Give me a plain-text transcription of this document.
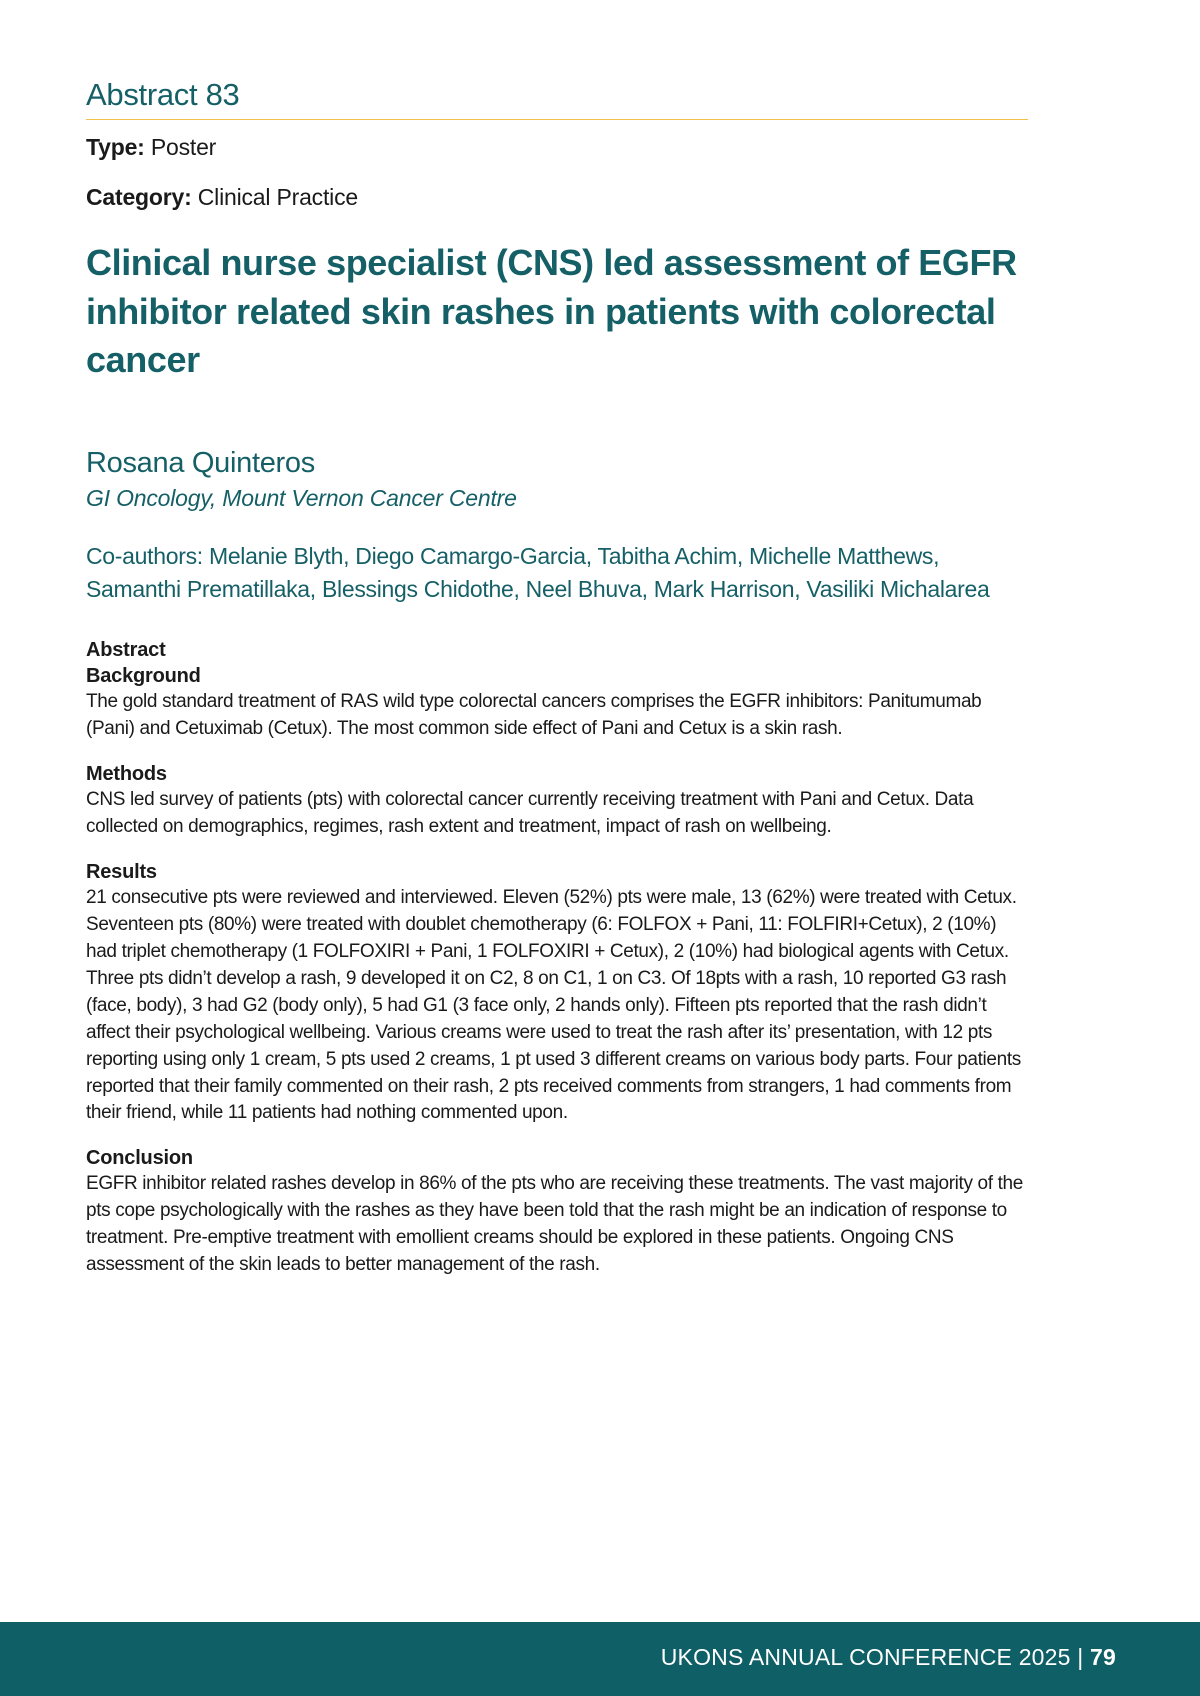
Abstract 83
Type: Poster
Category: Clinical Practice
Clinical nurse specialist (CNS) led assessment of EGFR inhibitor related skin rashes in patients with colorectal cancer
Rosana Quinteros
GI Oncology, Mount Vernon Cancer Centre
Co-authors: Melanie Blyth, Diego Camargo-Garcia, Tabitha Achim, Michelle Matthews, Samanthi Prematillaka, Blessings Chidothe, Neel Bhuva, Mark Harrison, Vasiliki Michalarea
Abstract
Background

The gold standard treatment of RAS wild type colorectal cancers comprises the EGFR inhibitors: Panitumumab (Pani) and Cetuximab (Cetux). The most common side effect of Pani and Cetux is a skin rash.

Methods

CNS led survey of patients (pts) with colorectal cancer currently receiving treatment with Pani and Cetux. Data collected on demographics, regimes, rash extent and treatment, impact of rash on wellbeing.

Results

21 consecutive pts were reviewed and interviewed. Eleven (52%) pts were male, 13 (62%) were treated with Cetux. Seventeen pts (80%) were treated with doublet chemotherapy (6: FOLFOX + Pani, 11: FOLFIRI+Cetux), 2 (10%) had triplet chemotherapy (1 FOLFOXIRI + Pani, 1 FOLFOXIRI + Cetux), 2 (10%) had biological agents with Cetux. Three pts didn’t develop a rash, 9 developed it on C2, 8 on C1, 1 on C3. Of 18pts with a rash, 10 reported G3 rash (face, body), 3 had G2 (body only), 5 had G1 (3 face only, 2 hands only). Fifteen pts reported that the rash didn’t affect their psychological wellbeing. Various creams were used to treat the rash after its’ presentation, with 12 pts reporting using only 1 cream, 5 pts used 2 creams, 1 pt used 3 different creams on various body parts. Four patients reported that their family commented on their rash, 2 pts received comments from strangers, 1 had comments from their friend, while 11 patients had nothing commented upon.

Conclusion

EGFR inhibitor related rashes develop in 86% of the pts who are receiving these treatments. The vast majority of the pts cope psychologically with the rashes as they have been told that the rash might be an indication of response to treatment. Pre-emptive treatment with emollient creams should be explored in these patients. Ongoing CNS assessment of the skin leads to better management of the rash.

UKONS ANNUAL CONFERENCE 2025 | 79
